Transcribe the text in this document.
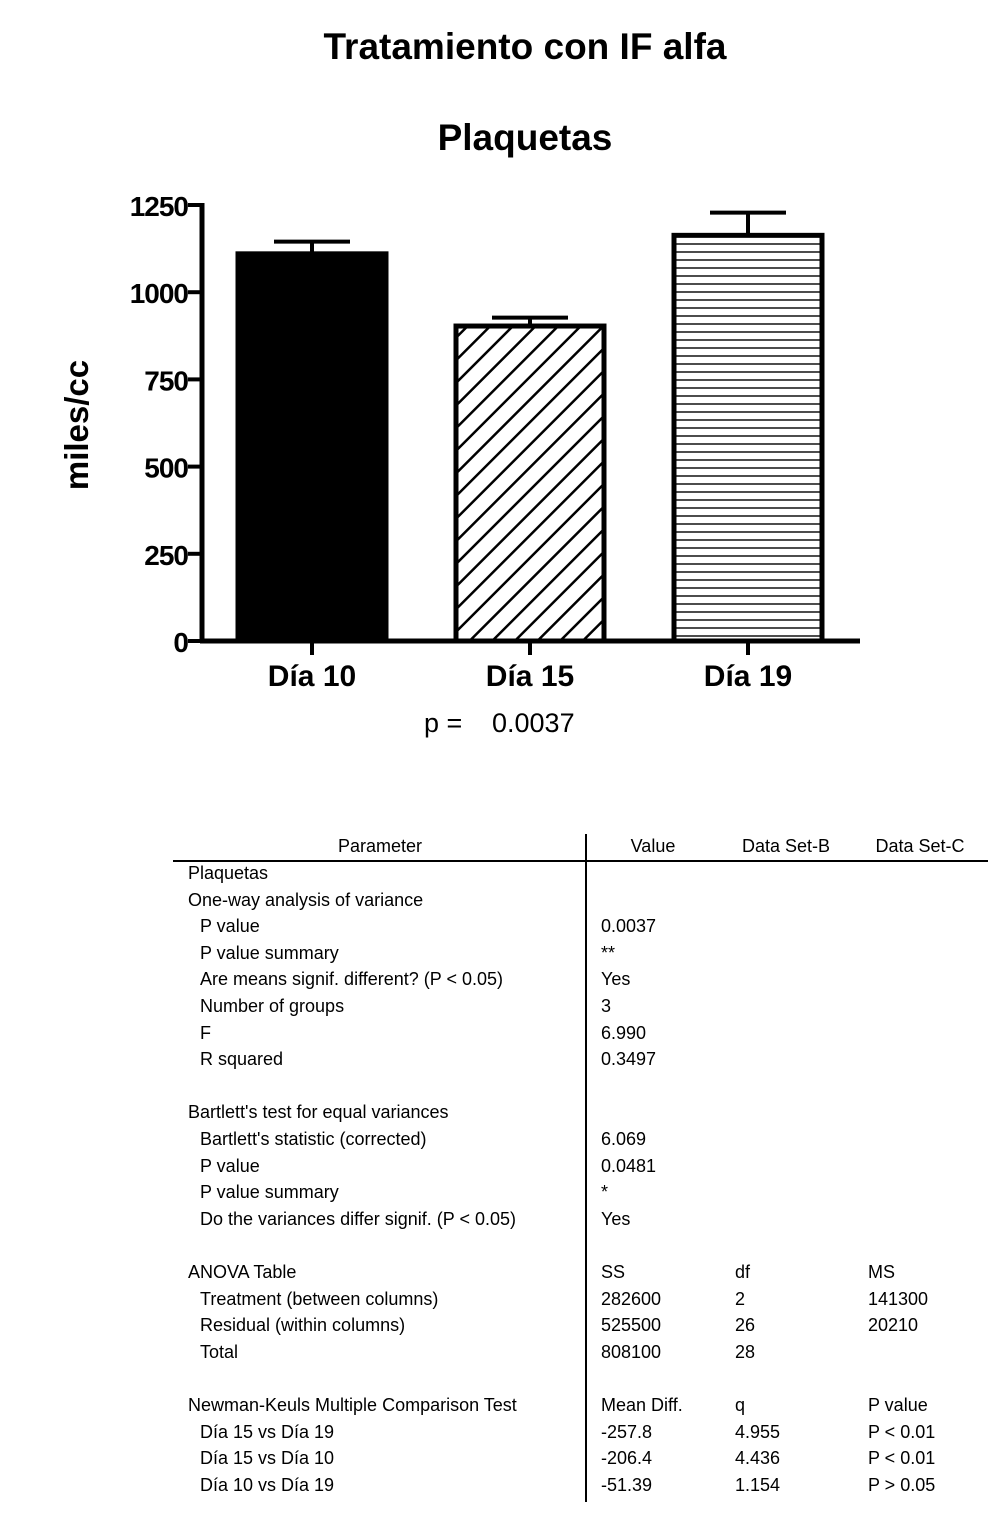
Tratamiento con IF alfa
Plaquetas
miles/cc
0
250
500
750
1000
1250
Día 10	Día 15	Día 19
p = 0.0037
Parameter	Value	Data Set-B	Data Set-C
Plaquetas
One-way analysis of variance
P value	0.0037
P value summary	**
Are means signif. different? (P < 0.05)	Yes
Number of groups	3
F	6.990
R squared	0.3497
Bartlett's test for equal variances
Bartlett's statistic (corrected)	6.069
P value	0.0481
P value summary	*
Do the variances differ signif. (P < 0.05)	Yes
ANOVA Table	SS	df	MS
Treatment (between columns)	282600	2	141300
Residual (within columns)	525500	26	20210
Total	808100	28
Newman-Keuls Multiple Comparison Test	Mean Diff.	q	P value
Día 15 vs Día 19	-257.8	4.955	P < 0.01
Día 15 vs Día 10	-206.4	4.436	P < 0.01
Día 10 vs Día 19	-51.39	1.154	P > 0.05
